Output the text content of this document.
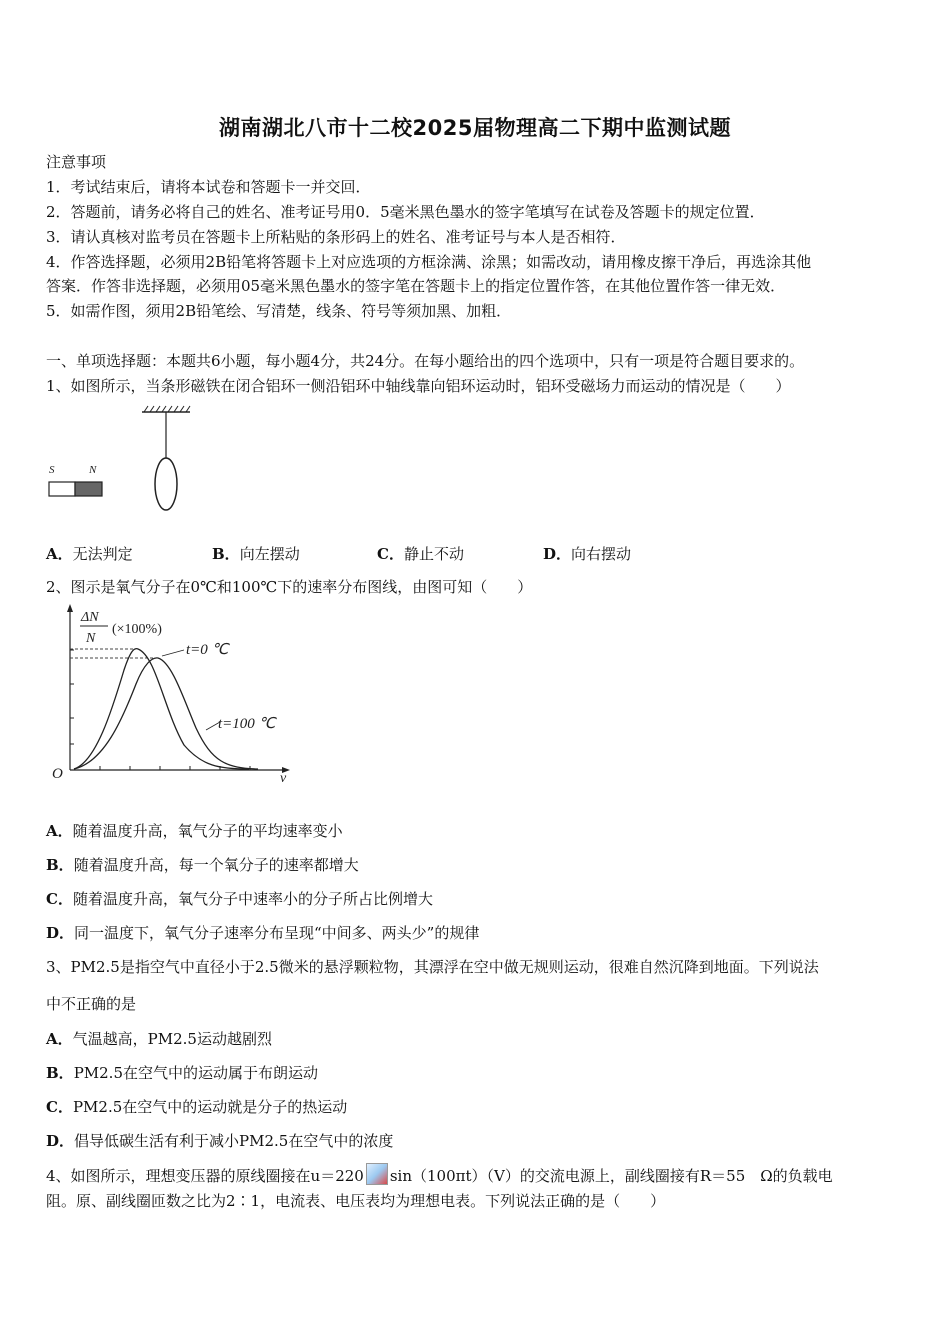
湖南湖北八市十二校2025届物理高二下期中监测试题
注意事项
1．考试结束后，请将本试卷和答题卡一并交回．
2．答题前，请务必将自己的姓名、准考证号用0．5毫米黑色墨水的签字笔填写在试卷及答题卡的规定位置．
3．请认真核对监考员在答题卡上所粘贴的条形码上的姓名、准考证号与本人是否相符．
4．作答选择题，必须用2B铅笔将答题卡上对应选项的方框涂满、涂黑；如需改动，请用橡皮擦干净后，再选涂其他
答案．作答非选择题，必须用05毫米黑色墨水的签字笔在答题卡上的指定位置作答，在其他位置作答一律无效．
5．如需作图，须用2B铅笔绘、写清楚，线条、符号等须加黑、加粗．
一、单项选择题：本题共6小题，每小题4分，共24分。在每小题给出的四个选项中，只有一项是符合题目要求的。
1、如图所示，当条形磁铁在闭合铝环一侧沿铝环中轴线靠向铝环运动时，铝环受磁场力而运动的情况是（　　）
S	N
A．无法判定	B．向左摆动	C．静止不动	D．向右摆动
2、图示是氧气分子在0℃和100℃下的速率分布图线，由图可知（　　）
ΔN
N
(×100%)
t=0 ℃
t=100 ℃
O	v
A．随着温度升高，氧气分子的平均速率变小
B．随着温度升高，每一个氧分子的速率都增大
C．随着温度升高，氧气分子中速率小的分子所占比例增大
D．同一温度下，氧气分子速率分布呈现“中间多、两头少”的规律
3、PM2.5是指空气中直径小于2.5微米的悬浮颗粒物，其漂浮在空中做无规则运动，很难自然沉降到地面。下列说法
中不正确的是
A．气温越高，PM2.5运动越剧烈
B．PM2.5在空气中的运动属于布朗运动
C．PM2.5在空气中的运动就是分子的热运动
D．倡导低碳生活有利于减小PM2.5在空气中的浓度
4、如图所示，理想变压器的原线圈接在u＝220 sin（100πt）（V）的交流电源上，副线圈接有R＝55　Ω的负载电
阻。原、副线圈匝数之比为2∶1，电流表、电压表均为理想电表。下列说法正确的是（　　）
